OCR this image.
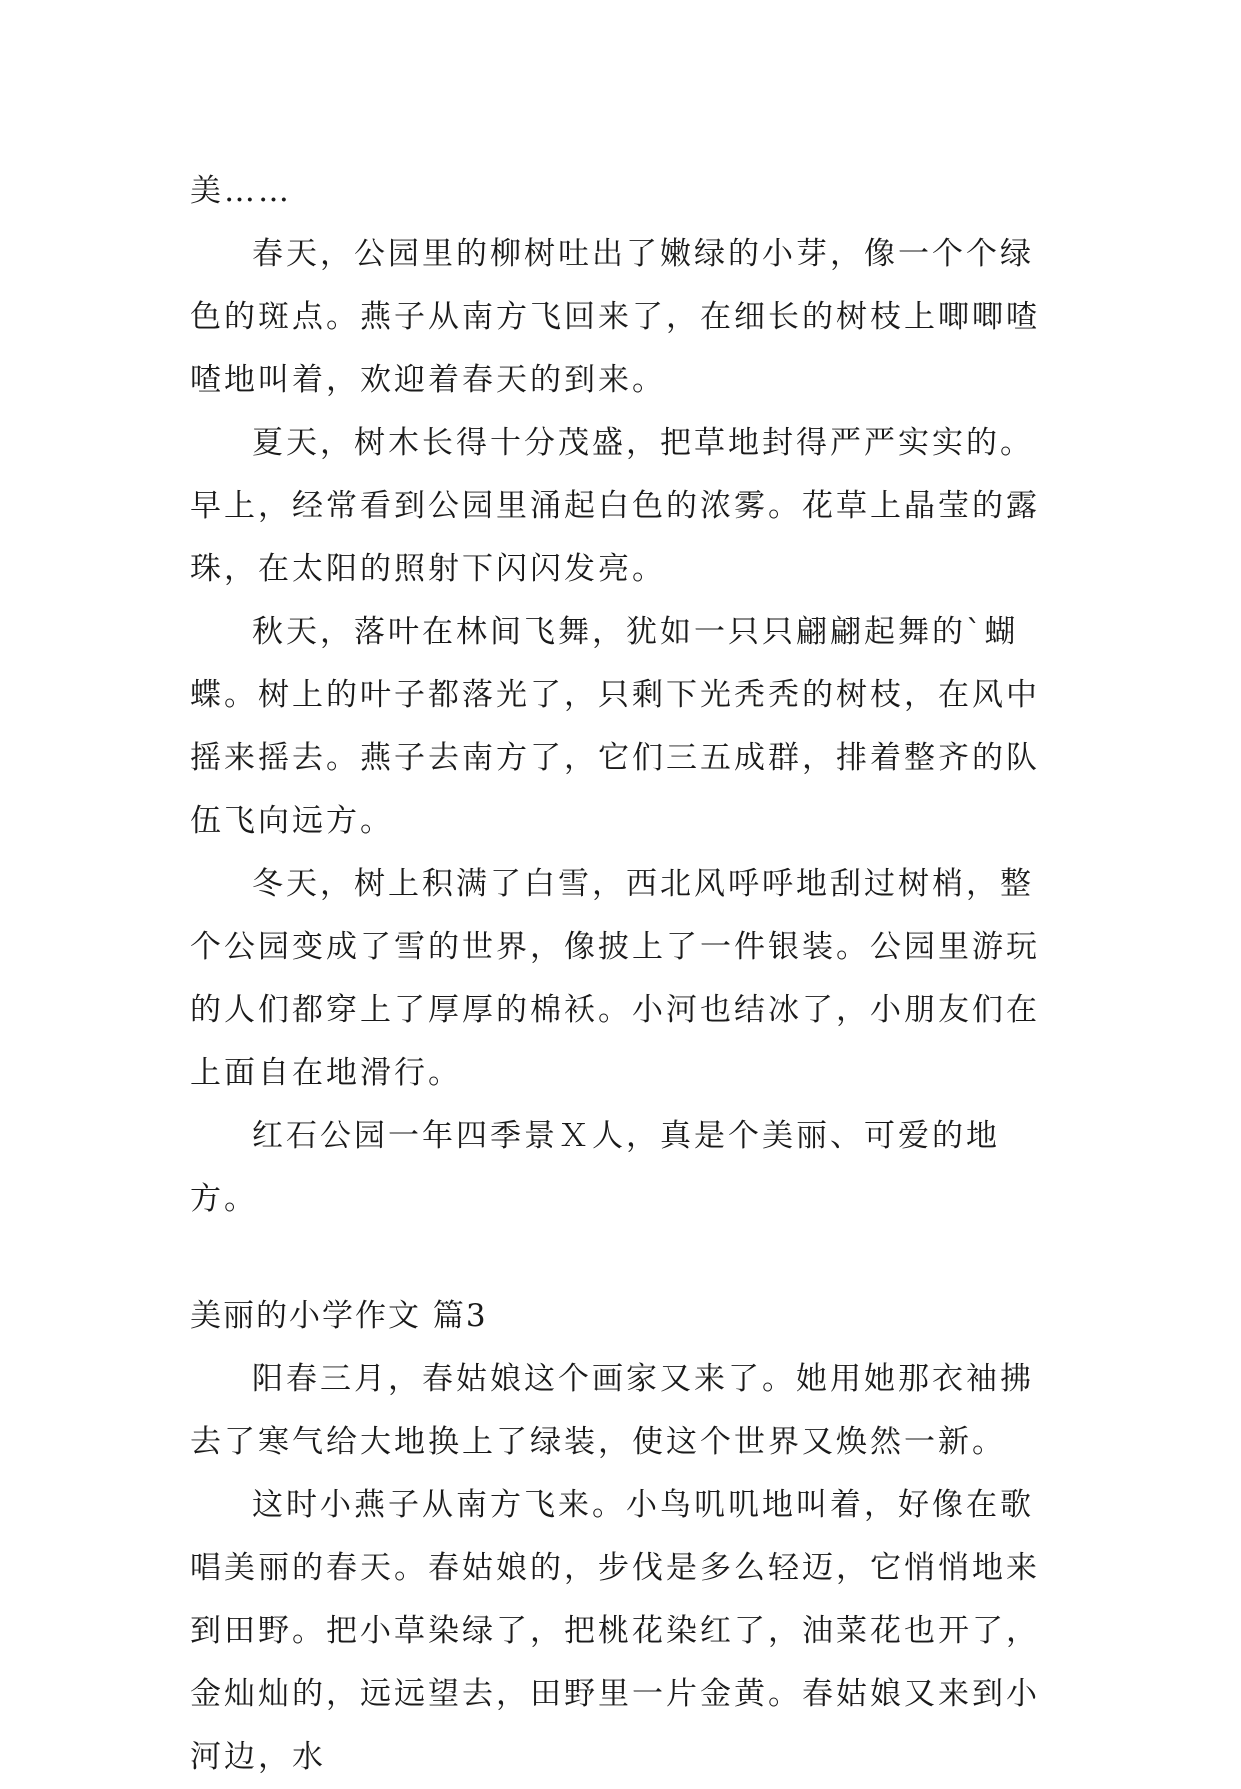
美……

春天，公园里的柳树吐出了嫩绿的小芽，像一个个绿色的斑点。燕子从南方飞回来了，在细长的树枝上唧唧喳喳地叫着，欢迎着春天的到来。

夏天，树木长得十分茂盛，把草地封得严严实实的。早上，经常看到公园里涌起白色的浓雾。花草上晶莹的露珠，在太阳的照射下闪闪发亮。

秋天，落叶在林间飞舞，犹如一只只翩翩起舞的`蝴蝶。树上的叶子都落光了，只剩下光秃秃的树枝，在风中摇来摇去。燕子去南方了，它们三五成群，排着整齐的队伍飞向远方。

冬天，树上积满了白雪，西北风呼呼地刮过树梢，整个公园变成了雪的世界，像披上了一件银装。公园里游玩的人们都穿上了厚厚的棉袄。小河也结冰了，小朋友们在上面自在地滑行。

红石公园一年四季景Ｘ人，真是个美丽、可爱的地方。

美丽的小学作文 篇3

阳春三月，春姑娘这个画家又来了。她用她那衣袖拂去了寒气给大地换上了绿装，使这个世界又焕然一新。

这时小燕子从南方飞来。小鸟叽叽地叫着，好像在歌唱美丽的春天。春姑娘的，步伐是多么轻迈，它悄悄地来到田野。把小草染绿了，把桃花染红了，油菜花也开了，金灿灿的，远远望去，田野里一片金黄。春姑娘又来到小河边，水
